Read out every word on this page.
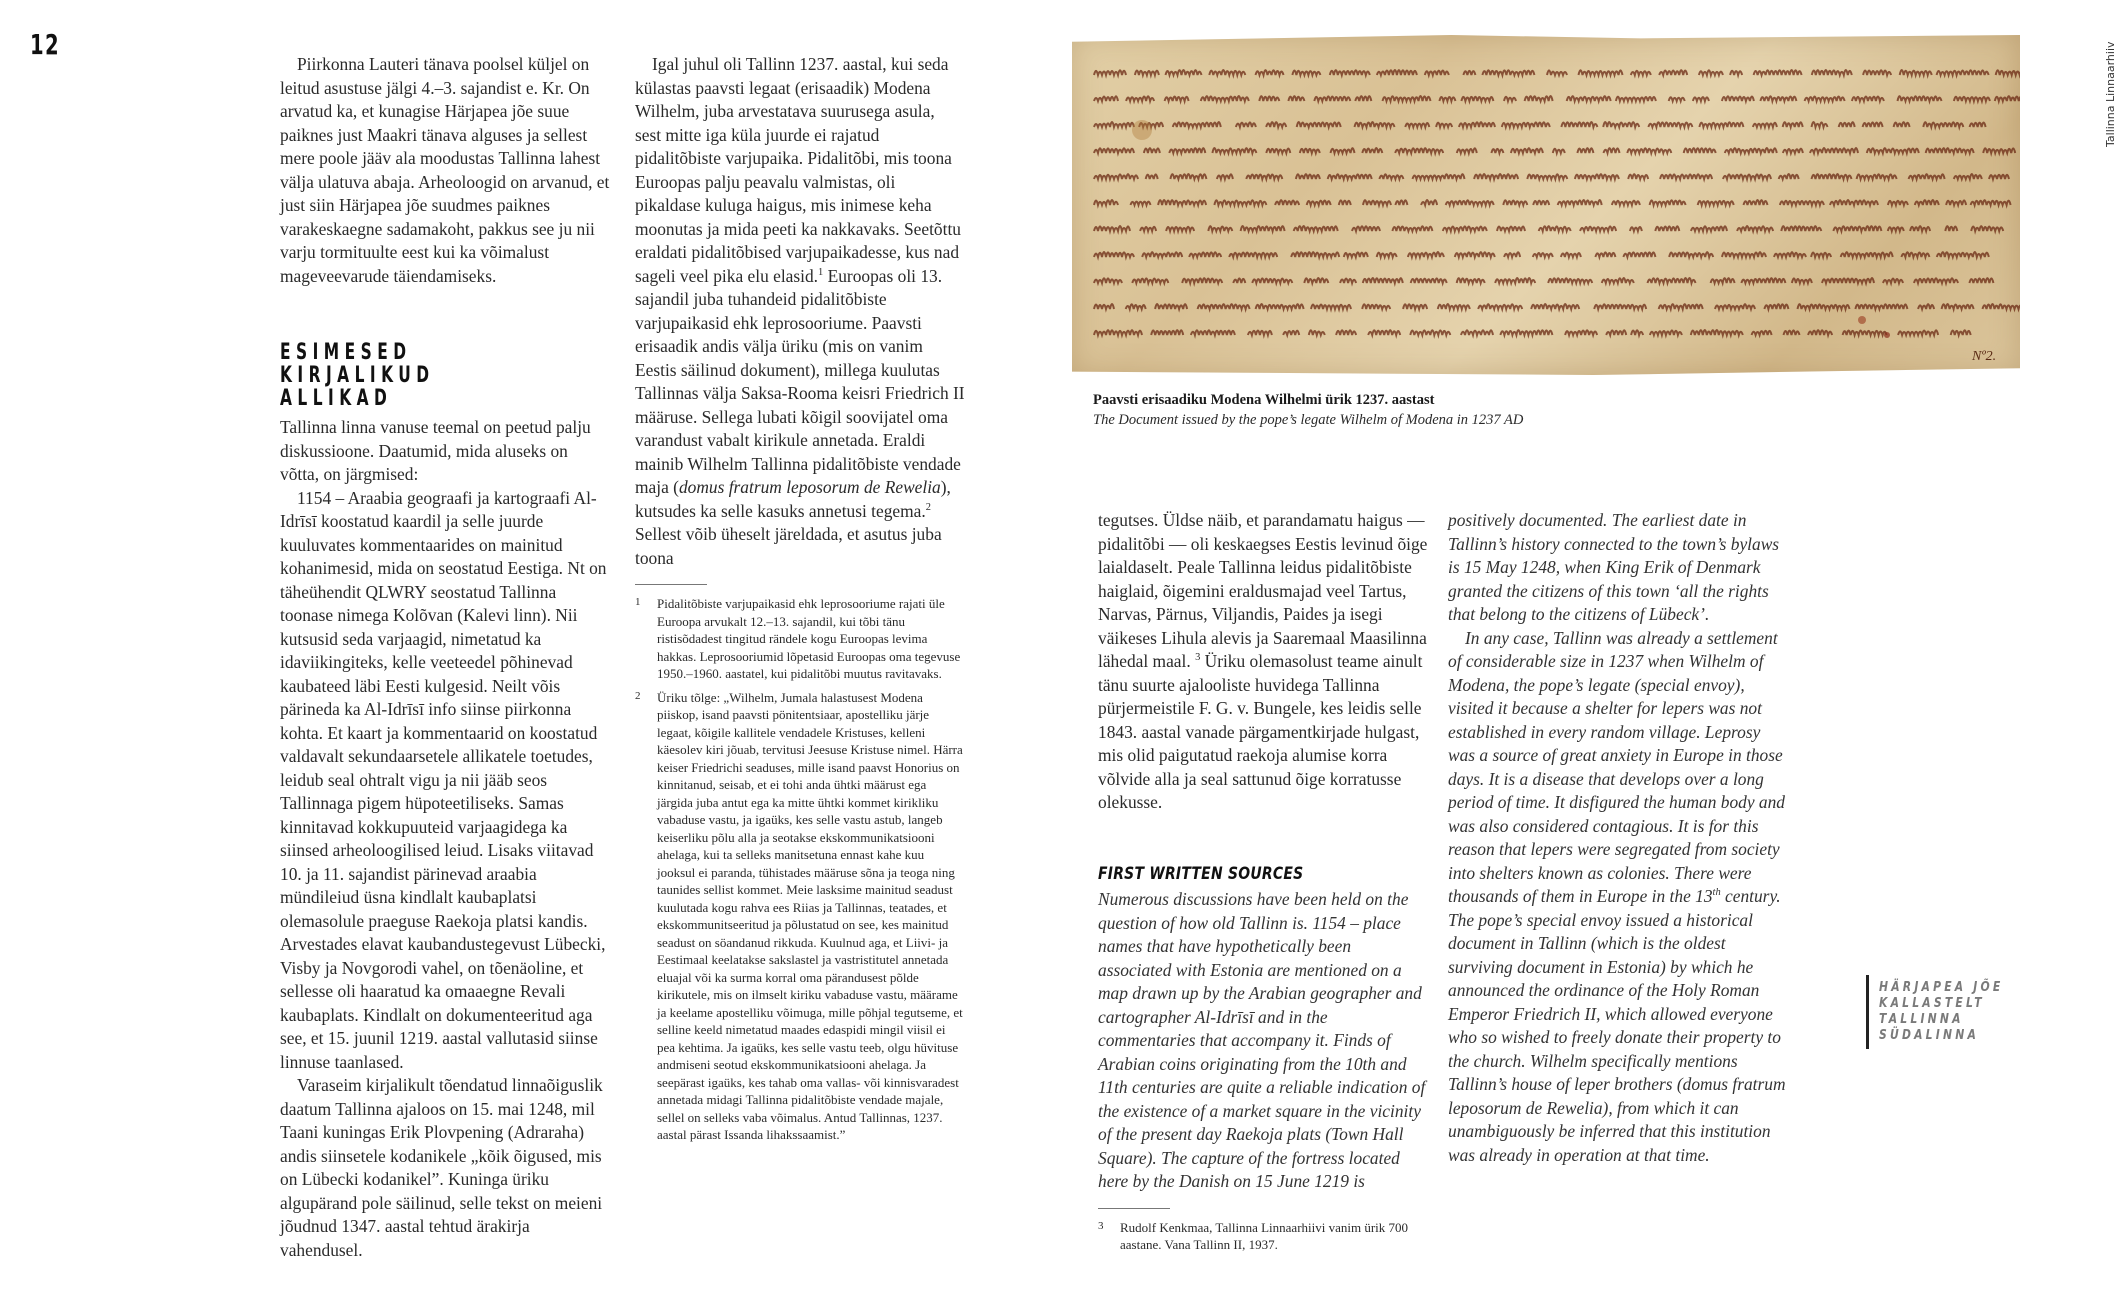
12

Piirkonna Lauteri tänava poolsel küljel on leitud asustuse jälgi 4.–3. sajandist e. Kr. On arvatud ka, et kunagise Härjapea jõe suue paiknes just Maakri tänava alguses ja sellest mere poole jääv ala moodustas Tallinna lahest välja ulatuva abaja. Arheoloogid on arvanud, et just siin Härjapea jõe suudmes paiknes varakeskaegne sadamakoht, pakkus see ju nii varju tormituulte eest kui ka võimalust mageveevarude täiendamiseks.

ESIMESED
KIRJALIKUD
ALLIKAD

Tallinna linna vanuse teemal on peetud palju diskussioone. Daatumid, mida aluseks on võtta, on järgmised:

1154 – Araabia geograafi ja kartograafi Al-Idrīsī koostatud kaardil ja selle juurde kuuluvates kommentaarides on mainitud kohanimesid, mida on seostatud Eestiga. Nt on täheühendit QLWRY seostatud Tallinna toonase nimega Kolõvan (Kalevi linn). Nii kutsusid seda varjaagid, nimetatud ka idaviikingiteks, kelle veeteedel põhinevad kaubateed läbi Eesti kulgesid. Neilt võis pärineda ka Al-Idrīsī info siinse piirkonna kohta. Et kaart ja kommentaarid on koostatud valdavalt sekundaarsetele allikatele toetudes, leidub seal ohtralt vigu ja nii jääb seos Tallinnaga pigem hüpoteetiliseks. Samas kinnitavad kokkupuuteid varjaagidega ka siinsed arheoloogilised leiud. Lisaks viitavad 10. ja 11. sajandist pärinevad araabia mündileiud üsna kindlalt kaubaplatsi olemasolule praeguse Raekoja platsi kandis. Arvestades elavat kaubandustegevust Lübecki, Visby ja Novgorodi vahel, on tõenäoline, et sellesse oli haaratud ka omaaegne Revali kaubaplats. Kindlalt on dokumenteeritud aga see, et 15. juunil 1219. aastal vallutasid siinse linnuse taanlased.

Varaseim kirjalikult tõendatud linnaõiguslik daatum Tallinna ajaloos on 15. mai 1248, mil Taani kuningas Erik Plovpening (Adraraha) andis siinsetele kodanikele „kõik õigused, mis on Lübecki kodanikel”. Kuninga üriku algupärand pole säilinud, selle tekst on meieni jõudnud 1347. aastal tehtud ärakirja vahendusel.

Igal juhul oli Tallinn 1237. aastal, kui seda külastas paavsti legaat (erisaadik) Modena Wilhelm, juba arvestatava suurusega asula, sest mitte iga küla juurde ei rajatud pidalitõbiste varjupaika. Pidalitõbi, mis toona Euroopas palju peavalu valmistas, oli pikaldase kuluga haigus, mis inimese keha moonutas ja mida peeti ka nakkavaks. Seetõttu eraldati pidalitõbised varjupaikadesse, kus nad sageli veel pika elu elasid.$^1$ Euroopas oli 13. sajandil juba tuhandeid pidalitõbiste varjupaikasid ehk leprosooriume. Paavsti erisaadik andis välja üriku (mis on vanim Eestis säilinud dokument), millega kuulutas Tallinnas välja Saksa-Rooma keisri Friedrich II määruse. Sellega lubati kõigil soovijatel oma varandust vabalt kirikule annetada. Eraldi mainib Wilhelm Tallinna pidalitõbiste vendade maja (domus fratrum leposorum de Rewelia), kutsudes ka selle kasuks annetusi tegema.$^2$ Sellest võib üheselt järeldada, et asutus juba toona

1	Pidalitõbiste varjupaikasid ehk leprosooriume rajati üle Euroopa arvukalt 12.–13. sajandil, kui tõbi tänu ristisõdadest tingitud rändele kogu Euroopas levima hakkas. Leprosooriumid lõpetasid Euroopas oma tegevuse 1950.–1960. aastatel, kui pidalitõbi muutus ravitavaks.
2	Üriku tõlge: „Wilhelm, Jumala halastusest Modena piiskop, isand paavsti pönitentsiaar, apostelliku järje legaat, kõigile kallitele vendadele Kristuses, kelleni käesolev kiri jõuab, tervitusi Jeesuse Kristuse nimel. Härra keiser Friedrichi seaduses, mille isand paavst Honorius on kinnitanud, seisab, et ei tohi anda ühtki määrust ega järgida juba antut ega ka mitte ühtki kommet kirikliku vabaduse vastu, ja igaüks, kes selle vastu astub, langeb keiserliku põlu alla ja seotakse ekskommunikatsiooni ahelaga, kui ta selleks manitsetuna ennast kahe kuu jooksul ei paranda, tühistades määruse sõna ja teoga ning taunides sellist kommet. Meie lasksime mainitud seadust kuulutada kogu rahva ees Riias ja Tallinnas, teatades, et ekskommunitseeritud ja põlustatud on see, kes mainitud seadust on söandanud rikkuda. Kuulnud aga, et Liivi- ja Eestimaal keelatakse sakslastel ja vastristitutel annetada eluajal või ka surma korral oma pärandusest põlde kirikutele, mis on ilmselt kiriku vabaduse vastu, määrame ja keelame apostelliku võimuga, mille põhjal tegutseme, et selline keeld nimetatud maades edaspidi mingil viisil ei pea kehtima. Ja igaüks, kes selle vastu teeb, olgu hüvituse andmiseni seotud ekskommunikatsiooni ahelaga. Ja seepärast igaüks, kes tahab oma vallas- või kinnisvaradest annetada midagi Tallinna pidalitõbiste vendade majale, sellel on selleks vaba võimalus. Antud Tallinnas, 1237. aastal pärast Issanda lihakssaamist.”
Tallinna Linnaarhiiv
Nº2.
Paavsti erisaadiku Modena Wilhelmi ürik 1237. aastast
The Document issued by the pope’s legate Wilhelm of Modena in 1237 AD

tegutses. Üldse näib, et parandamatu haigus — pidalitõbi — oli keskaegses Eestis levinud õige laialdaselt. Peale Tallinna leidus pidalitõbiste haiglaid, õigemini eraldusmajad veel Tartus, Narvas, Pärnus, Viljandis, Paides ja isegi väikeses Lihula alevis ja Saaremaal Maasilinna lähedal maal. $^3$ Üriku olemasolust teame ainult tänu suurte ajalooliste huvidega Tallinna pürjermeistile F. G. v. Bungele, kes leidis selle 1843. aastal vanade pärgamentkirjade hulgast, mis olid paigutatud raekoja alumise korra võlvide alla ja seal sattunud õige korratusse olekusse.

FIRST WRITTEN SOURCES

Numerous discussions have been held on the question of how old Tallinn is. 1154 – place names that have hypothetically been associated with Estonia are mentioned on a map drawn up by the Arabian geographer and cartographer Al-Idrīsī and in the commentaries that accompany it. Finds of Arabian coins originating from the 10th and 11th centuries are quite a reliable indication of the existence of a market square in the vicinity of the present day Raekoja plats (Town Hall Square). The capture of the fortress located here by the Danish on 15 June 1219 is

3	Rudolf Kenkmaa, Tallinna Linnaarhiivi vanim ürik 700 aastane. Vana Tallinn II, 1937.

positively documented. The earliest date in Tallinn’s history connected to the town’s bylaws is 15 May 1248, when King Erik of Denmark granted the citizens of this town ‘all the rights that belong to the citizens of Lübeck’.

In any case, Tallinn was already a settlement of considerable size in 1237 when Wilhelm of Modena, the pope’s legate (special envoy), visited it because a shelter for lepers was not established in every random village. Leprosy was a source of great anxiety in Europe in those days. It is a disease that develops over a long period of time. It disfigured the human body and was also considered contagious. It is for this reason that lepers were segregated from society into shelters known as colonies. There were thousands of them in Europe in the 13th century. The pope’s special envoy issued a historical document in Tallinn (which is the oldest surviving document in Estonia) by which he announced the ordinance of the Holy Roman Emperor Friedrich II, which allowed everyone who so wished to freely donate their property to the church. Wilhelm specifically mentions Tallinn’s house of leper brothers (domus fratrum leposorum de Rewelia), from which it can unambiguously be inferred that this institution was already in operation at that time.

HÄRJAPEA JÕE
KALLASTELT
TALLINNA
SÜDALINNA
